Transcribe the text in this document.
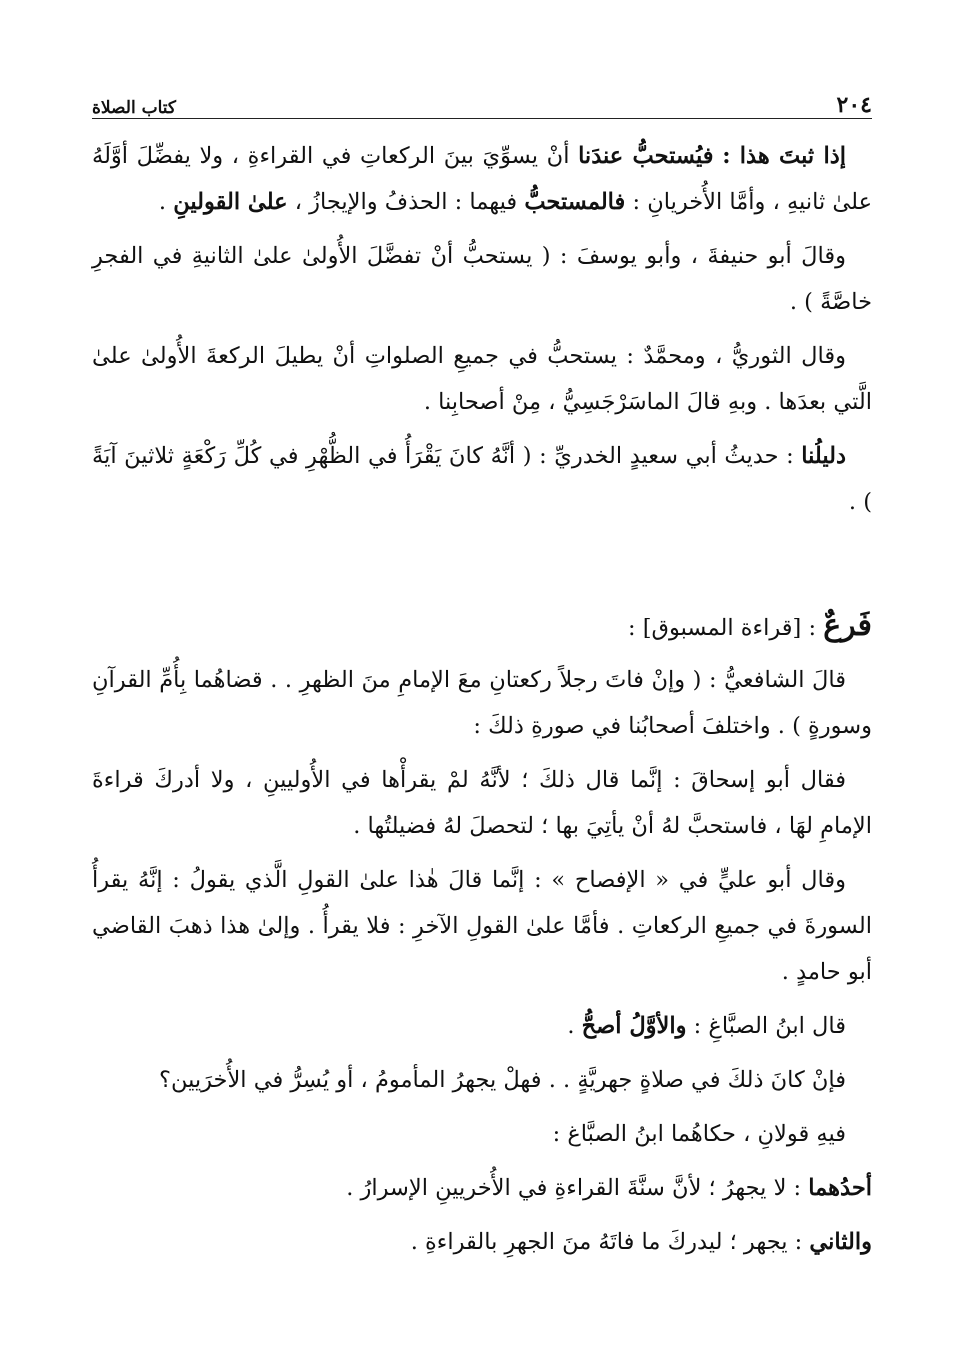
٢٠٤
كتاب الصلاة

إذا ثبتَ هذا : فيُستحبُّ عندَنا أنْ يسوِّيَ بينَ الركعاتِ في القراءةِ ، ولا يفضِّلَ أوَّلَهُ علىٰ ثانيهِ ، وأمَّا الأُخريانِ : فالمستحبُّ فيهما : الحذفُ والإيجازُ ، علىٰ القولينِ .

وقالَ أبو حنيفةَ ، وأبو يوسفَ : ( يستحبُّ أنْ تفضَّلَ الأُولىٰ علىٰ الثانيةِ في الفجرِ خاصَّةً ) .

وقال الثوريُّ ، ومحمَّدٌ : يستحبُّ في جميعِ الصلواتِ أنْ يطيلَ الركعةَ الأُولىٰ علىٰ الَّتي بعدَها . وبهِ قالَ الماسَرْجَسِيُّ ، مِنْ أصحابِنا .

دليلُنا : حديثُ أبي سعيدٍ الخدريِّ : ( أنَّهُ كانَ يَقْرَأُ في الظُّهْرِ في كُلِّ رَكْعَةٍ ثلاثينَ آيَةً ) .

فَرعٌ : [قراءة المسبوق] :

قالَ الشافعيُّ : ( وإنْ فاتَ رجلاً ركعتانِ معَ الإمامِ منَ الظهرِ . . قضاهُما بِأُمِّ القرآنِ وسورةٍ ) . واختلفَ أصحابُنا في صورةِ ذلكَ :

فقال أبو إسحاقَ : إنَّما قال ذلكَ ؛ لأنَّهُ لمْ يقرأْها في الأُوليينِ ، ولا أدركَ قراءةَ الإمامِ لهَا ، فاستحبَّ لهُ أنْ يأتِيَ بها ؛ لتحصلَ لهُ فضيلتُها .

وقال أبو عليٍّ في « الإفصاح » : إنَّما قالَ هٰذا علىٰ القولِ الَّذي يقولُ : إنَّهُ يقرأُ السورةَ في جميعِ الركعاتِ . فأمَّا علىٰ القولِ الآخرِ : فلا يقرأُ . وإلىٰ هذا ذهبَ القاضي أبو حامدٍ .

قال ابنُ الصبَّاغِ : والأوَّلُ أصحُّ .

فإنْ كانَ ذلكَ في صلاةٍ جهريَّةٍ . . فهلْ يجهرُ المأمومُ ، أو يُسِرُّ في الأُخرَيين؟

فيهِ قولانِ ، حكاهُما ابنُ الصبَّاغ :

أحدُهما : لا يجهرُ ؛ لأنَّ سنَّةَ القراءةِ في الأُخريينِ الإسرارُ .

والثاني : يجهر ؛ ليدركَ ما فاتَهُ منَ الجهرِ بالقراءةِ .
